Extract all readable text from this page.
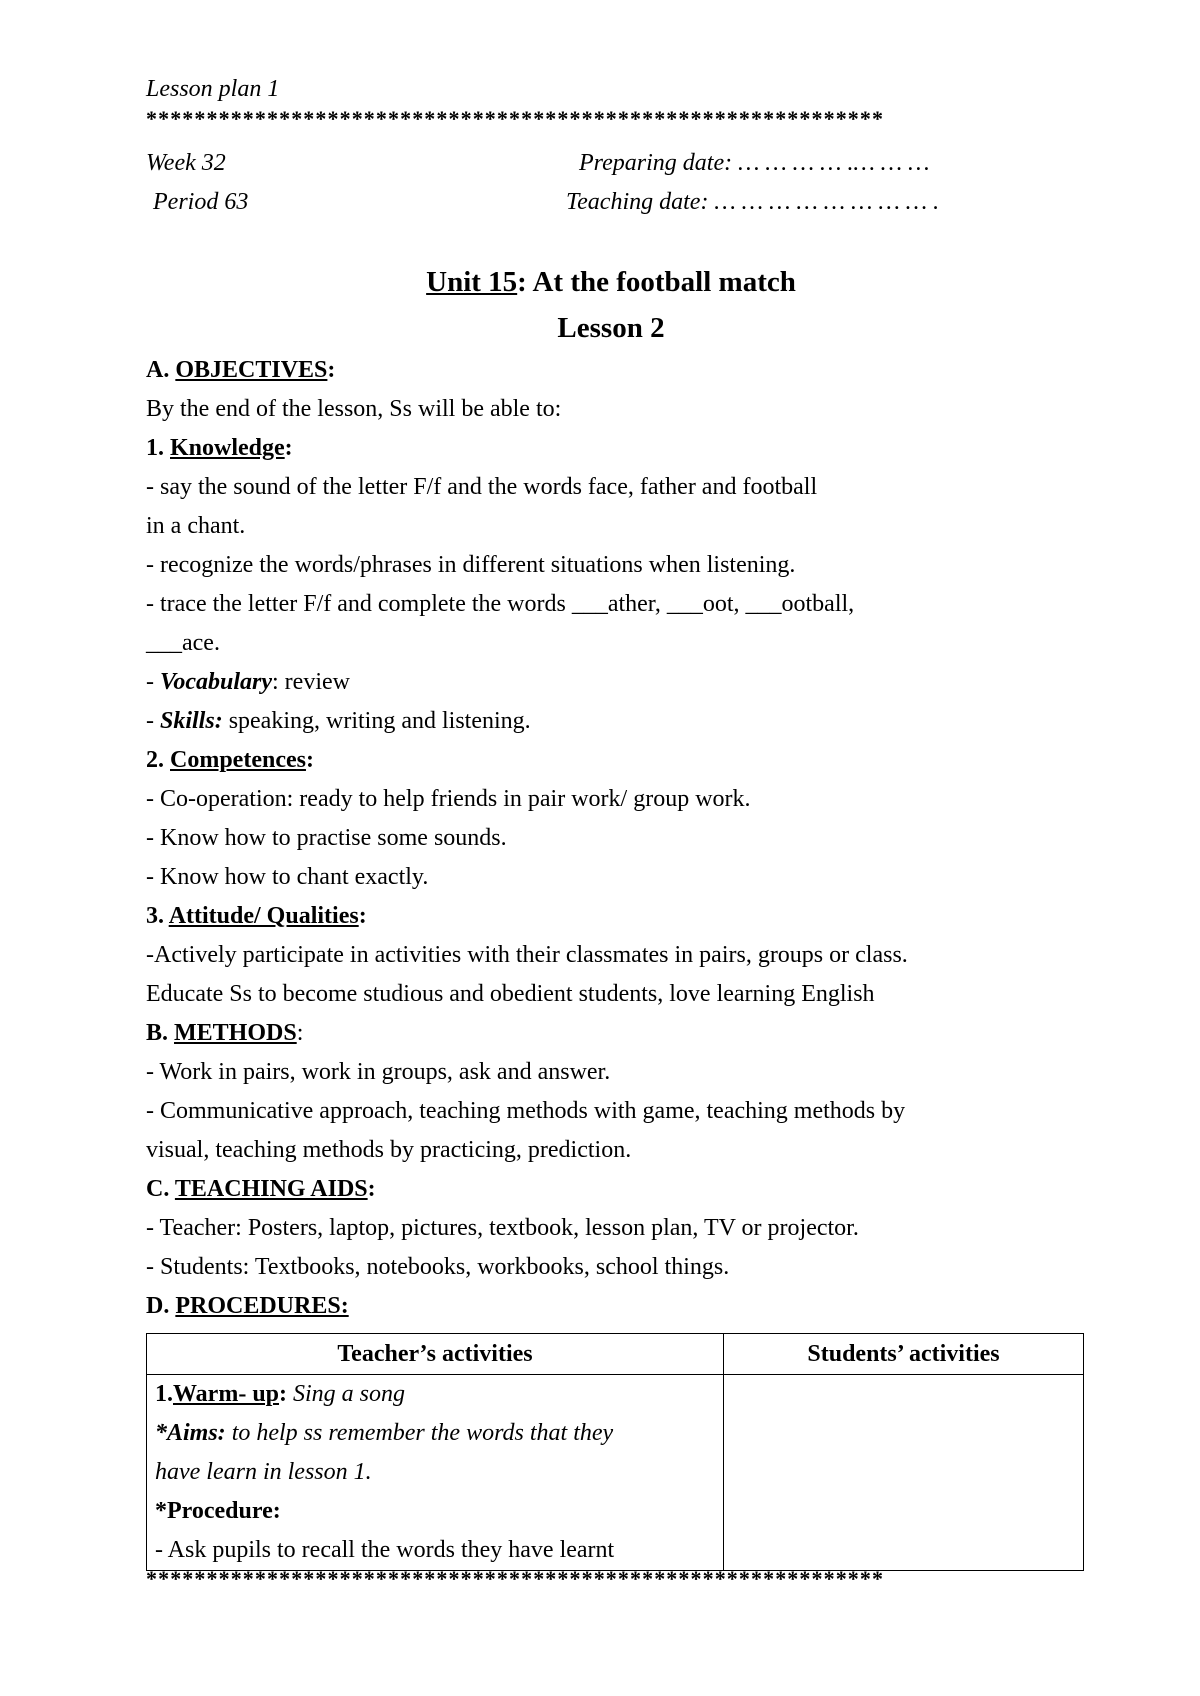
Lesson plan 1
*************************************************************
Week 32	Preparing date: … … … … .… … …
Period 63	Teaching date: … … … … … … … … .
Unit 15: At the football match
Lesson 2
A. OBJECTIVES:
By the end of the lesson, Ss will be able to:
1. Knowledge:
- say the sound of the letter F/f and the words face, father and football
in a chant.
- recognize the words/phrases in different situations when listening.
- trace the letter F/f and complete the words ___ather, ___oot, ___ootball,
___ace.
- Vocabulary: review
- Skills: speaking, writing and listening.
2. Competences:
- Co-operation: ready to help friends in pair work/ group work.
- Know how to practise some sounds.
- Know how to chant exactly.
3. Attitude/ Qualities:
-Actively participate in activities with their classmates in pairs, groups or class.
Educate Ss to become studious and obedient students, love learning English
B. METHODS:
- Work in pairs, work in groups, ask and answer.
- Communicative approach, teaching methods with game, teaching methods by
visual, teaching methods by practicing, prediction.
C. TEACHING AIDS:
- Teacher: Posters, laptop, pictures, textbook, lesson plan, TV or projector.
- Students: Textbooks, notebooks, workbooks, school things.
D. PROCEDURES:
Teacher’s activities	Students’ activities

1.Warm- up: Sing a song
*Aims: to help ss remember the words that they
have learn in lesson 1.
*Procedure:
- Ask pupils to recall the words they have learnt	

*************************************************************
